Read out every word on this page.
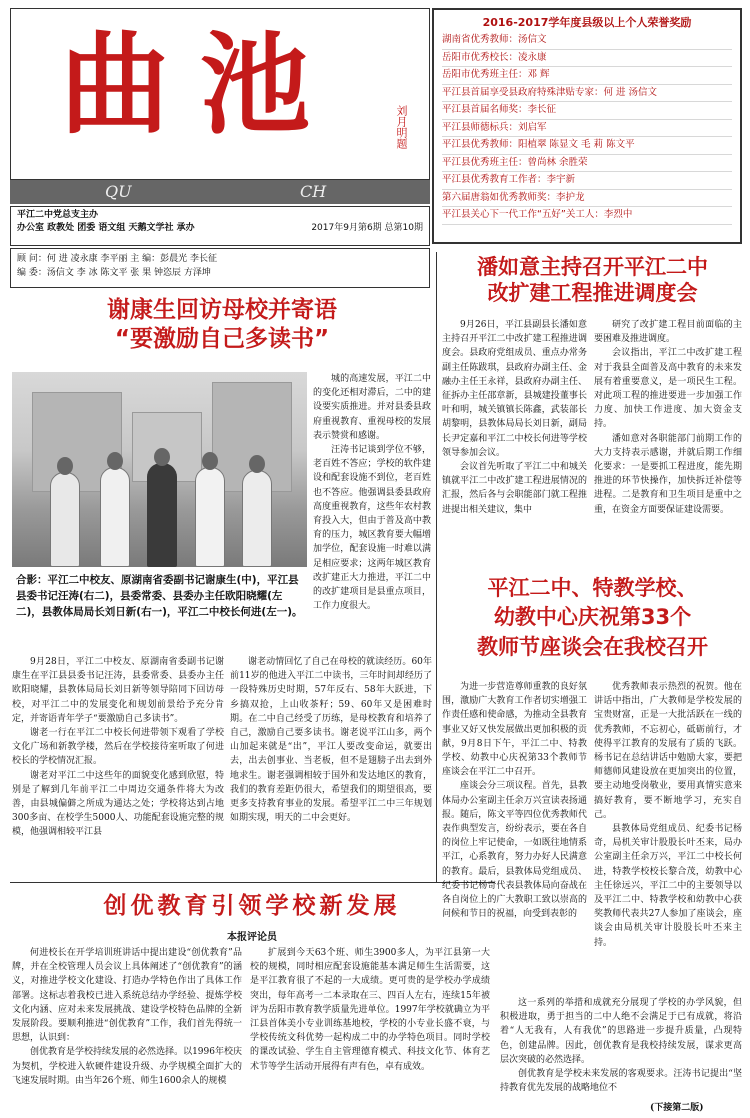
曲池	刘月明题
QU	CH
平江二中党总支主办
办公室 政教处 团委 语文组 天鹅文学社 承办	2017年9月第6期 总第10期
顾 问：何 进 凌永康 李平丽 主 编：彭晨光 李长征
编 委：汤信文 李 冰 陈文平 张 果 钟恣辰 方泽坤
2016-2017学年度县级以上个人荣誉奖励
湖南省优秀教师：汤信文
岳阳市优秀校长：凌永康
岳阳市优秀班主任：邓 辉
平江县首届享受县政府特殊津贴专家：何 进 汤信文
平江县首届名师奖：李长征
平江县师德标兵：刘启军
平江县优秀教师：阳植翠 陈显文 毛 莉 陈文平
平江县优秀班主任：曾尚林 余胜荣
平江县优秀教育工作者：李宇新
第六届唐翁如优秀教师奖：李护龙
平江县关心下一代工作“五好”关工人：李烈中
谢康生回访母校并寄语
“要激励自己多读书”
合影：平江二中校友、原湖南省委副书记谢康生(中)，平江县县委书记汪涛(右二)，县委常委、县委办主任欧阳晓耀(左二)，县教体局局长刘日新(右一)，平江二中校长何进(左一)。
城的高速发展，平江二中的变化还相对滞后，二中的建设要实质推进。并对县委县政府重视教育、重视母校的发展表示赞赏和感谢。
汪涛书记谈到学位不够，老百姓不答应；学校的软件建设和配套设施不到位，老百姓也不答应。他强调县委县政府高度重视教育，这些年农村教育投入大，但由于普及高中教育的压力，城区教育要大幅增加学位，配套设施一时难以满足相应要求；这两年城区教育改扩建正大力推进，平江二中的改扩建项目是县重点项目，工作力度很大。
9月28日，平江二中校友、原湖南省委副书记谢康生在平江县县委书记汪涛，县委常委、县委办主任欧阳晓耀，县教体局局长刘日新等领导陪同下回访母校，对平江二中的发展变化和规划前景给予充分肯定，并寄语青年学子“要激励自己多读书”。
谢老一行在平江二中校长何进带领下观看了学校文化广场和新教学楼，然后在学校接待室听取了何进校长的学校情况汇报。
谢老对平江二中这些年的面貌变化感到欣慰，特别是了解到几年前平江二中周边交通条件将大为改善，由县城偏僻之所成为通达之处；学校将达到占地300多亩、在校学生5000人、功能配套设施完整的规模，他强调相较平江县
谢老动情回忆了自己在母校的就读经历。60年前11岁的他进入平江二中读书，三年时间却经历了一段特殊历史时期，57年反右、58年大跃进，下乡搞双抢，上山收茶籽；59、60年又是困难时期。在二中自己经受了历练，是母校教育和培养了自己，激励自己要多读书。谢老说平江山多，两个山加起来就是“出”，平江人要改变命运，就要出去，出去创事业、当老板，但不是翅膀子出去到外地求生。谢老强调相较于国外和发达地区的教育，我们的教育差距仍很大，希望我们的期望很高，要更多支持教育事业的发展。希望平江二中三年规划如期实现，明天的二中会更好。
潘如意主持召开平江二中
改扩建工程推进调度会
9月26日，平江县副县长潘如意主持召开平江二中改扩建工程推进调度会。县政府党组成员、重点办常务副主任陈跋琪，县政府办副主任、金融办主任王永祥，县政府办副主任、征拆办主任邵章新，县城建投董事长叶和明，城关镇镇长陈鑫，武装部长胡黎明，县教体局局长刘日新，副局长尹定嘉和平江二中校长何进等学校领导参加会议。
会议首先听取了平江二中和城关镇就平江二中改扩建工程进展情况的汇报，然后各与会职能部门就工程推进提出相关建议，集中
研究了改扩建工程目前面临的主要困难及推进调度。
会议指出，平江二中改扩建工程对于我县全面普及高中教育的未来发展有着重要意义，是一项民生工程。对此项工程的推进要进一步加强工作力度、加快工作进度、加大资金支持。
潘如意对各职能部门前期工作的大力支持表示感谢，并就后期工作细化要求：一是要抓工程进度，能先期推进的环节快操作，加快拆迁补偿等进程。二是教育和卫生项目是重中之重，在资金方面要保证建设需要。
平江二中、特教学校、
幼教中心庆祝第33个
教师节座谈会在我校召开
为进一步营造尊师重教的良好氛围，激励广大教育工作者切实增强工作责任感和使命感，为推动全县教育事业又好又快发展做出更加积极的贡献，9月8日下午，平江二中、特教学校、幼教中心庆祝第33个教师节座谈会在平江二中召开。
座谈会分三项议程。首先，县教体局办公室副主任余万兴宣读表扬通报。随后，陈文平等四位优秀教师代表作典型发言，纷纷表示，要在各自的岗位上牢记使命，一如既往地情系平江，心系教育，努力办好人民满意的教育。最后，县教体局党组成员、纪委书记杨奇代表县教体局向奋战在各自岗位上的广大教职工致以崇高的问候和节日的祝福，向受到表彰的
优秀教师表示热烈的祝贺。他在讲话中指出，广大教师是学校发展的宝贵财富，正是一大批活跃在一线的优秀教师，不忘初心，砥砺前行，才使得平江教育的发展有了质的飞跃。杨书记在总结讲话中勉励大家，要把师德师风建设放在更加突出的位置，要主动地受岗敬业，要用真情实意来搞好教育，要不断地学习，充实自己。
县教体局党组成员、纪委书记杨奇，局机关审计股股长叶丕来，局办公室副主任余万兴，平江二中校长何进，特教学校校长黎合茂，幼教中心主任徐远兴，平江二中的主要领导以及平江二中、特教学校和幼教中心获奖教师代表共27人参加了座谈会，座谈会由局机关审计股股长叶丕来主持。
创优教育引领学校新发展
本报评论员
何进校长在开学培训班讲话中提出建设“创优教育”品牌，并在全校管理人员会议上具体阐述了“创优教育”的涵义，对推进学校文化建设、打造办学特色作出了具体工作部署。这标志着我校已进入系统总结办学经验、提炼学校文化内涵、应对未来发展挑战、建设学校特色品牌的全新发展阶段。要顺利推进“创优教育”工作，我们首先得统一思想，认识到：
创优教育是学校持续发展的必然选择。以1996年校庆为契机，学校进入软硬件建设升级、办学规模全面扩大的飞速发展时期。由当年26个班、师生1600余人的规模
扩展到今天63个班、师生3900多人，为平江县第一大校的规模，同时相应配套设施能基本满足师生生活需要，这是平江教育很了不起的一大成绩。更可贵的是学校办学成绩突出，每年高考一二本录取在三、四百人左右，连续15年被评为岳阳市教育教学质量先进单位。1997年学校就确立为平江县首体美小专业训练基地校，学校的小专业长盛不衰，与学校传统文科优势一起构成二中的办学特色项目。同时学校的课改试验、学生自主管理德育模式、科技文化节、体育艺术节等学生活动开展得有声有色，卓有成效。
这一系列的举措和成就充分展现了学校的办学风貌，但积极进取，勇于担当的二中人绝不会满足于已有成就，将沿着“人无我有，人有我优”的思路进一步提升质量，凸现特色，创建品牌。因此，创优教育是我校持续发展，谋求更高层次突破的必然选择。
创优教育是学校未来发展的客观要求。汪涛书记提出“坚持教育优先发展的战略地位不
(下接第二版)
